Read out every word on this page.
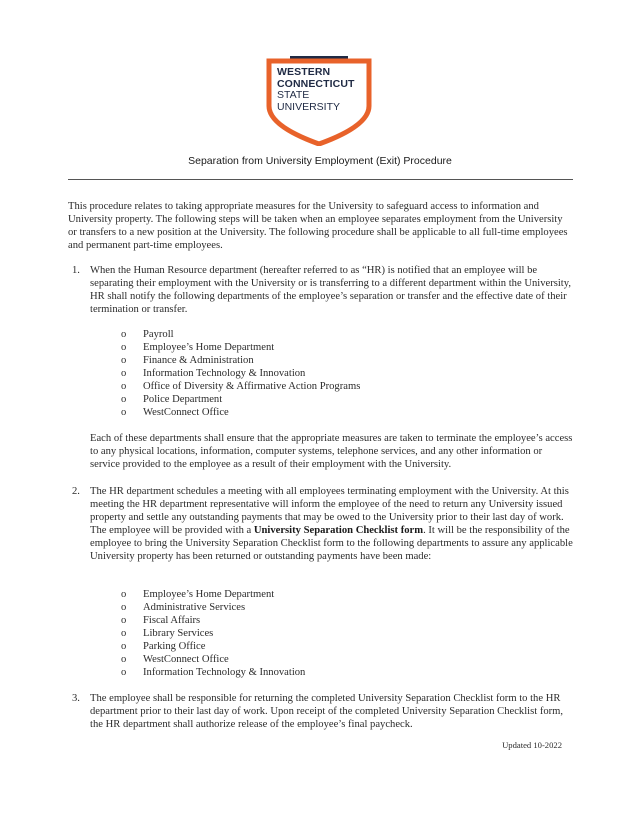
WESTERN
CONNECTICUT
STATE
UNIVERSITY
Separation from University Employment (Exit) Procedure
This procedure relates to taking appropriate measures for the University to safeguard access to information and University property. The following steps will be taken when an employee separates employment from the University or transfers to a new position at the University. The following procedure shall be applicable to all full-time employees and permanent part-time employees.
1. When the Human Resource department (hereafter referred to as “HR) is notified that an employee will be separating their employment with the University or is transferring to a different department within the University, HR shall notify the following departments of the employee’s separation or transfer and the effective date of their termination or transfer.
o Payroll
o Employee’s Home Department
o Finance & Administration
o Information Technology & Innovation
o Office of Diversity & Affirmative Action Programs
o Police Department
o WestConnect Office
Each of these departments shall ensure that the appropriate measures are taken to terminate the employee’s access to any physical locations, information, computer systems, telephone services, and any other information or service provided to the employee as a result of their employment with the University.
2. The HR department schedules a meeting with all employees terminating employment with the University. At this meeting the HR department representative will inform the employee of the need to return any University issued property and settle any outstanding payments that may be owed to the University prior to their last day of work. The employee will be provided with a University Separation Checklist form. It will be the responsibility of the employee to bring the University Separation Checklist form to the following departments to assure any applicable University property has been returned or outstanding payments have been made:
o Employee’s Home Department
o Administrative Services
o Fiscal Affairs
o Library Services
o Parking Office
o WestConnect Office
o Information Technology & Innovation
3. The employee shall be responsible for returning the completed University Separation Checklist form to the HR department prior to their last day of work. Upon receipt of the completed University Separation Checklist form, the HR department shall authorize release of the employee’s final paycheck.
Updated 10-2022
